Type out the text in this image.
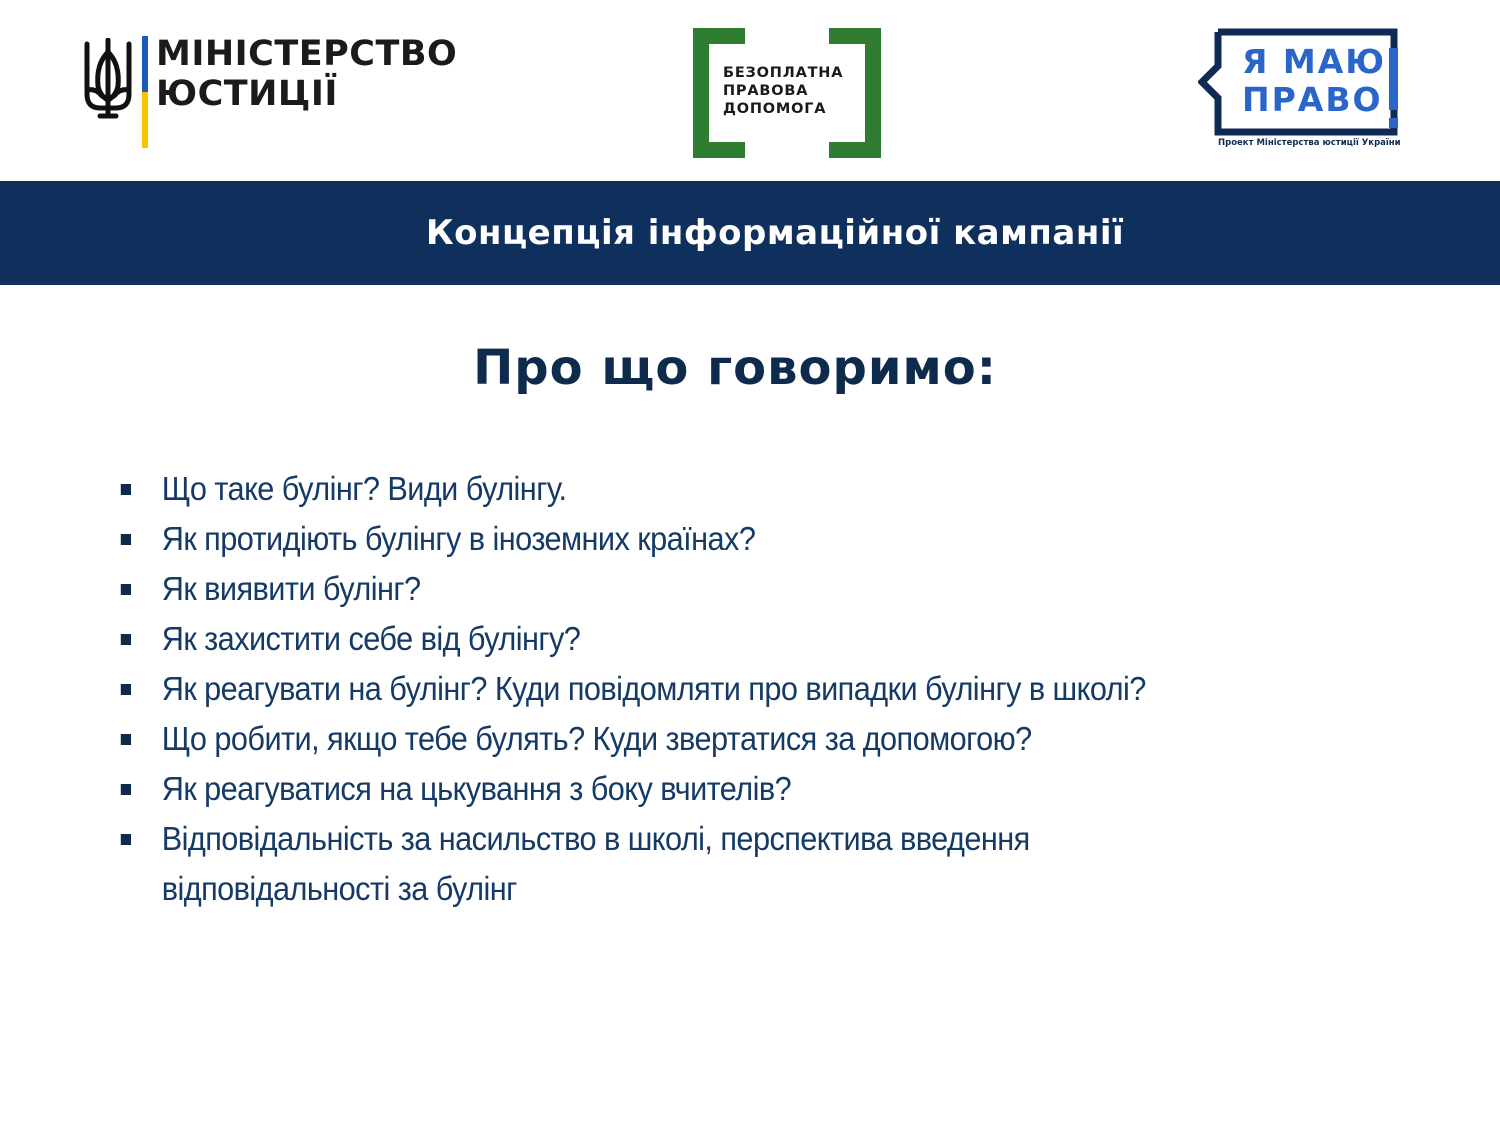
МІНІСТЕРСТВО
ЮСТИЦІЇ
БЕЗОПЛАТНА
ПРАВОВА
ДОПОМОГА
Я МАЮ
ПРАВО
Проект Міністерства юстиції України
Концепція інформаційної кампанії
Про що говоримо:
Що таке булінг? Види булінгу.
Як протидіють булінгу в іноземних країнах?
Як виявити булінг?
Як захистити себе від булінгу?
Як реагувати на булінг? Куди повідомляти про випадки булінгу в школі?
Що робити, якщо тебе булять? Куди звертатися за допомогою?
Як реагуватися на цькування з боку вчителів?
Відповідальність за насильство в школі, перспектива введення відповідальності за булінг
